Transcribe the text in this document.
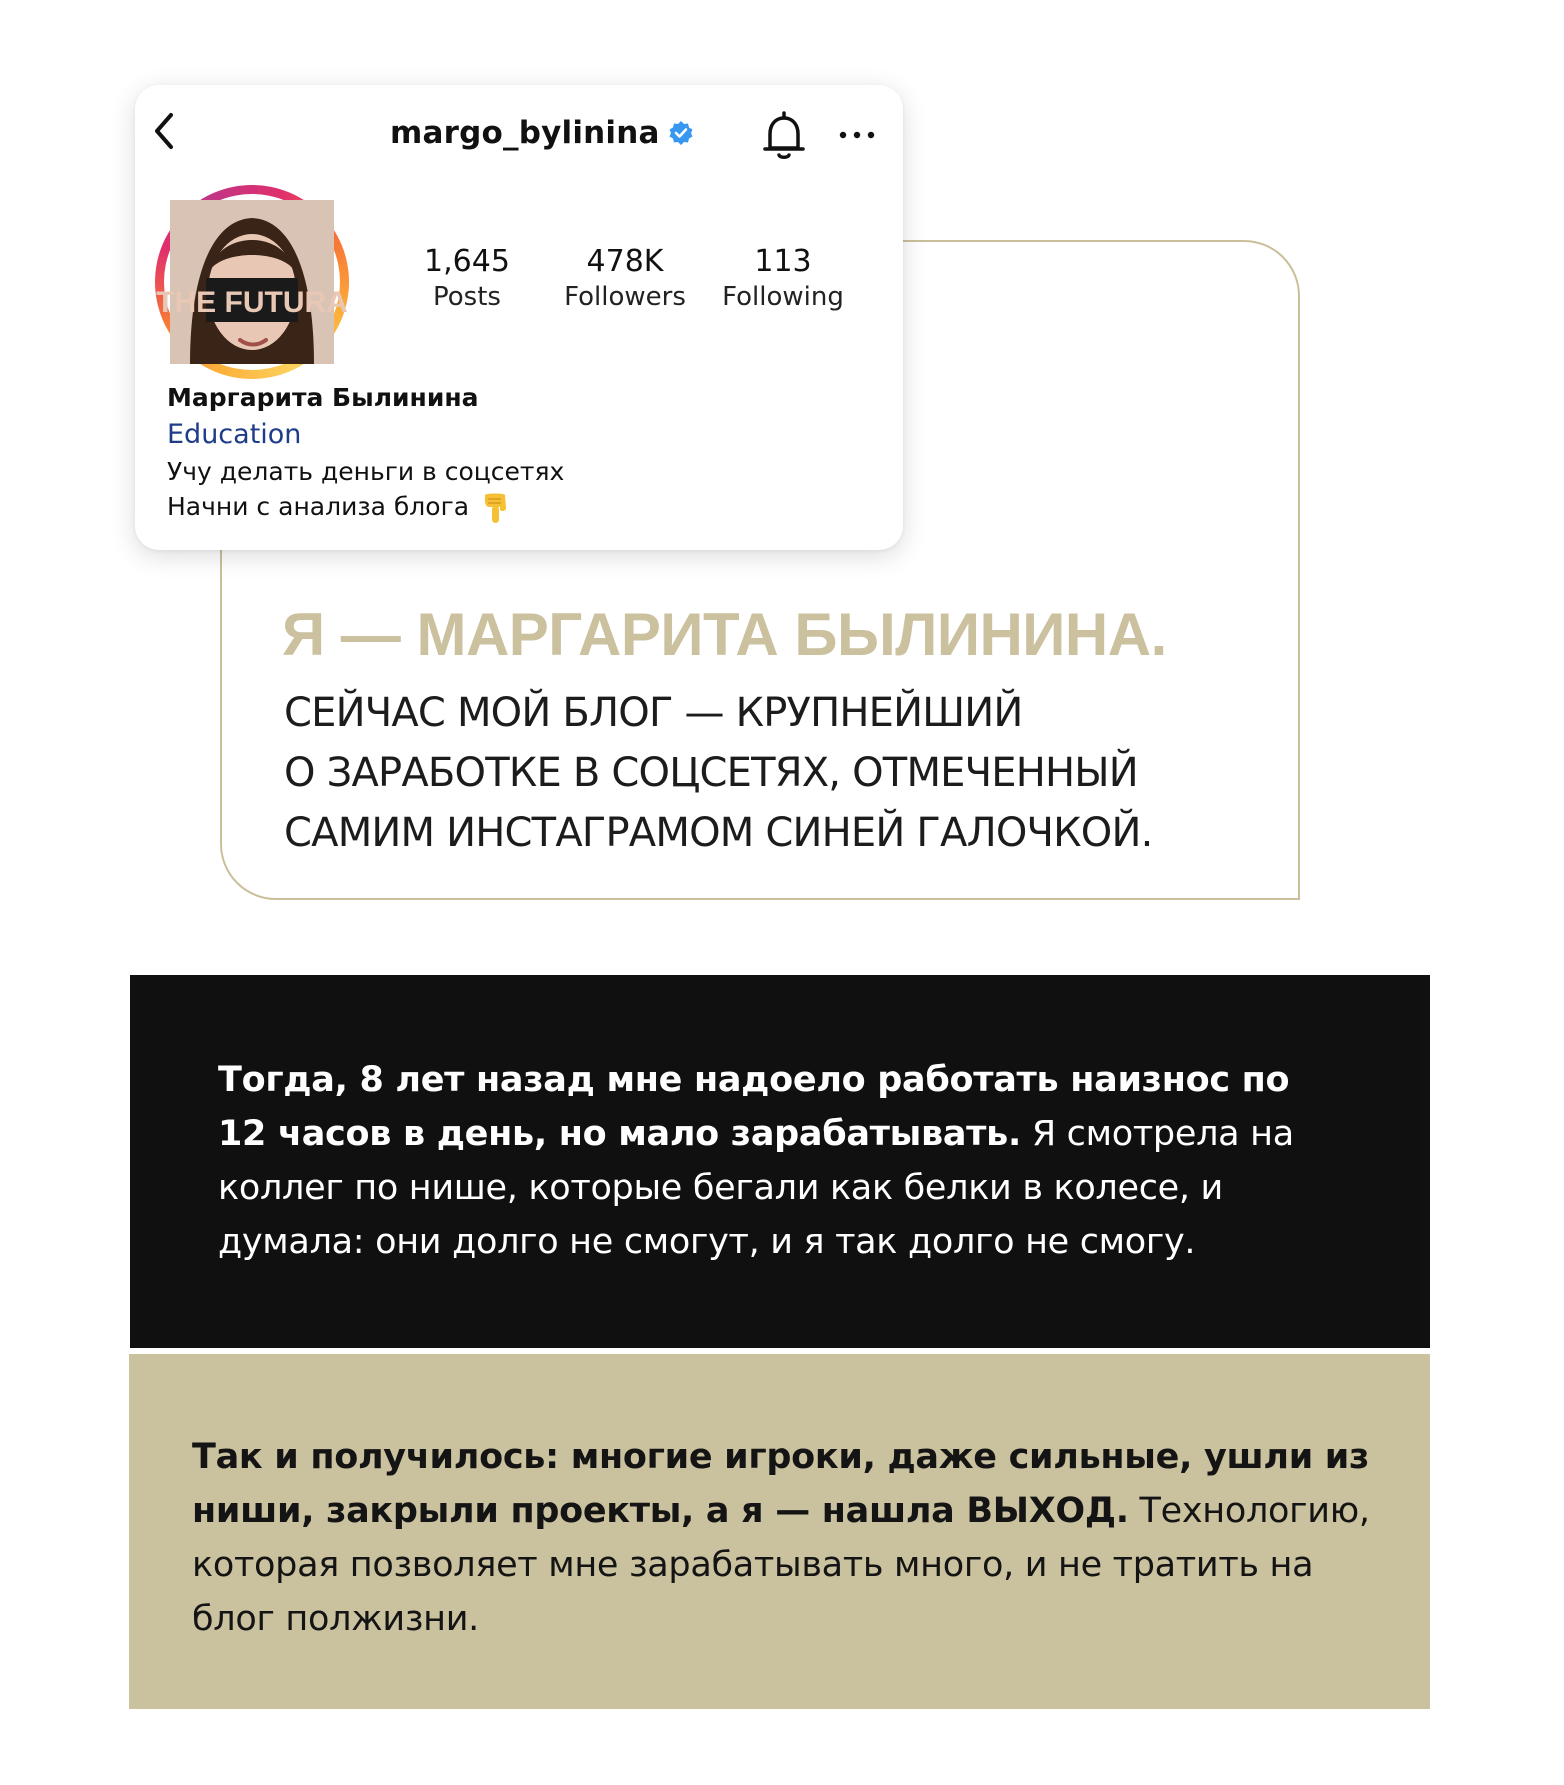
margo_bylinina
THE FUTURA
1,645
Posts
478K
Followers
113
Following
Маргарита Былинина
Education
Учу делать деньги в соцсетях
Начни с анализа блога
Я — МАРГАРИТА БЫЛИНИНА.
СЕЙЧАС МОЙ БЛОГ — КРУПНЕЙШИЙ
О ЗАРАБОТКЕ В СОЦСЕТЯХ, ОТМЕЧЕННЫЙ
САМИМ ИНСТАГРАМОМ СИНЕЙ ГАЛОЧКОЙ.
Тогда, 8 лет назад мне надоело работать наизнос по 12 часов в день, но мало зарабатывать. Я смотрела на коллег по нише, которые бегали как белки в колесе, и думала: они долго не смогут, и я так долго не смогу.
Так и получилось: многие игроки, даже сильные, ушли из ниши, закрыли проекты, а я — нашла ВЫХОД. Технологию, которая позволяет мне зарабатывать много, и не тратить на блог полжизни.
